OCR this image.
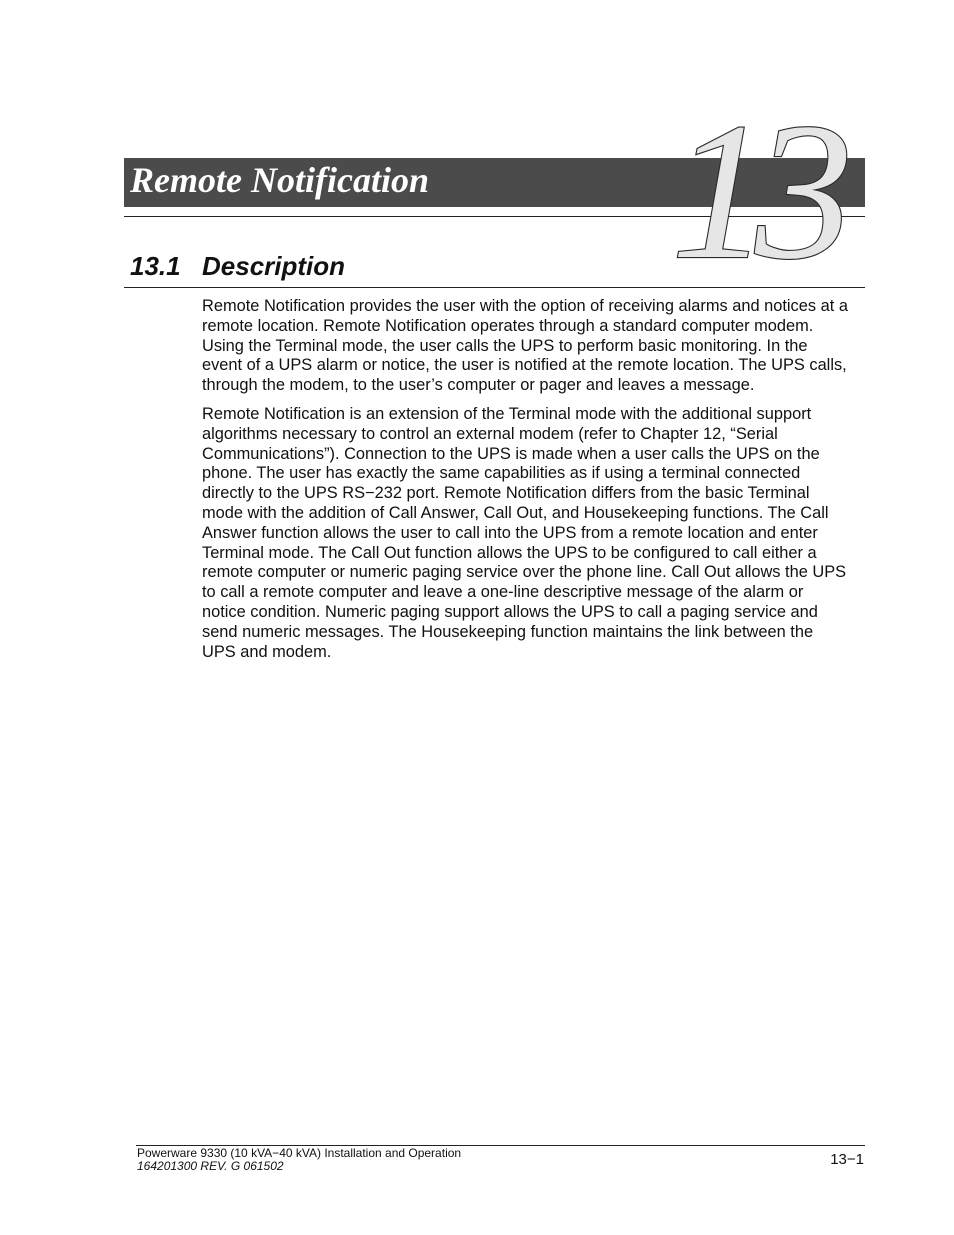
Remote Notification 13
13.1 Description

Remote Notification provides the user with the option of receiving alarms and notices at a remote location. Remote Notification operates through a standard computer modem. Using the Terminal mode, the user calls the UPS to perform basic monitoring. In the event of a UPS alarm or notice, the user is notified at the remote location. The UPS calls, through the modem, to the user’s computer or pager and leaves a message.

Remote Notification is an extension of the Terminal mode with the additional support algorithms necessary to control an external modem (refer to Chapter 12, “Serial Communications”). Connection to the UPS is made when a user calls the UPS on the phone. The user has exactly the same capabilities as if using a terminal connected directly to the UPS RS−232 port. Remote Notification differs from the basic Terminal mode with the addition of Call Answer, Call Out, and Housekeeping functions. The Call Answer function allows the user to call into the UPS from a remote location and enter Terminal mode. The Call Out function allows the UPS to be configured to call either a remote computer or numeric paging service over the phone line. Call Out allows the UPS to call a remote computer and leave a one-line descriptive message of the alarm or notice condition. Numeric paging support allows the UPS to call a paging service and send numeric messages. The Housekeeping function maintains the link between the UPS and modem.

Powerware 9330 (10 kVA−40 kVA) Installation and Operation
164201300 REV. G 061502	13−1
